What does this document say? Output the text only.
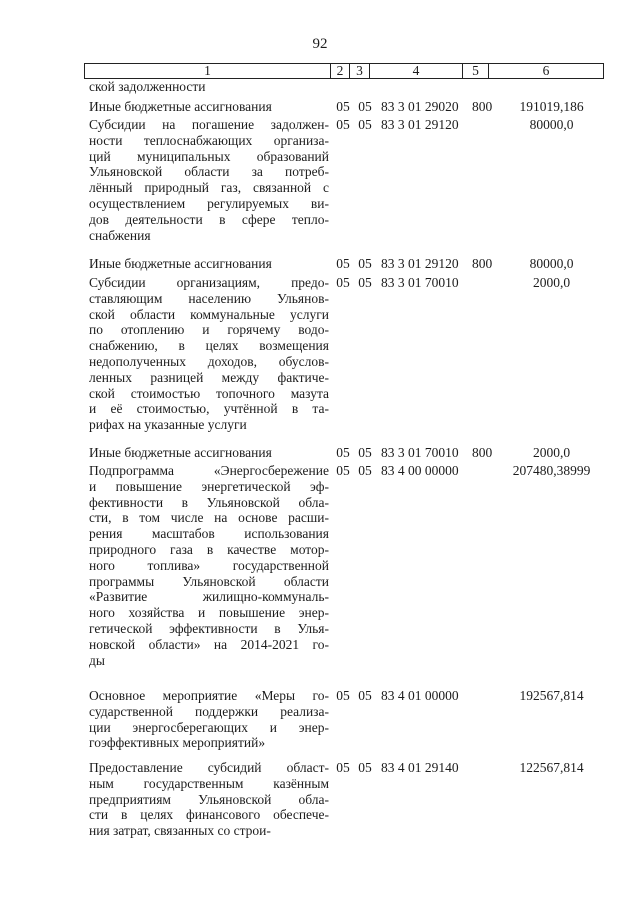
92
1	2	3	4	5	6
ской задолженности
Иные бюджетные ассигнования	05 05 83 3 01 29020 800	191019,186
Субсидии на погашение задолжен-
ности теплоснабжающих организа-
ций муниципальных образований
Ульяновской области за потреб-
лённый природный газ, связанной с
осуществлением регулируемых ви-
дов деятельности в сфере тепло-
снабжения
05 05 83 3 01 29120	80000,0
Иные бюджетные ассигнования	05 05 83 3 01 29120 800	80000,0
Субсидии организациям, предо-
ставляющим населению Ульянов-
ской области коммунальные услуги
по отоплению и горячему водо-
снабжению, в целях возмещения
недополученных доходов, обуслов-
ленных разницей между фактиче-
ской стоимостью топочного мазута
и её стоимостью, учтённой в та-
рифах на указанные услуги
05 05 83 3 01 70010	2000,0
Иные бюджетные ассигнования	05 05 83 3 01 70010 800	2000,0
Подпрограмма «Энергосбережение
и повышение энергетической эф-
фективности в Ульяновской обла-
сти, в том числе на основе расши-
рения масштабов использования
природного газа в качестве мотор-
ного топлива» государственной
программы Ульяновской области
«Развитие жилищно-коммуналь-
ного хозяйства и повышение энер-
гетической эффективности в Улья-
новской области» на 2014-2021 го-
ды
05 05 83 4 00 00000	207480,38999
Основное мероприятие «Меры го-
сударственной поддержки реализа-
ции энергосберегающих и энер-
гоэффективных мероприятий»
05 05 83 4 01 00000	192567,814
Предоставление субсидий област-
ным государственным казённым
предприятиям Ульяновской обла-
сти в целях финансового обеспече-
ния затрат, связанных со строи-
05 05 83 4 01 29140	122567,814
